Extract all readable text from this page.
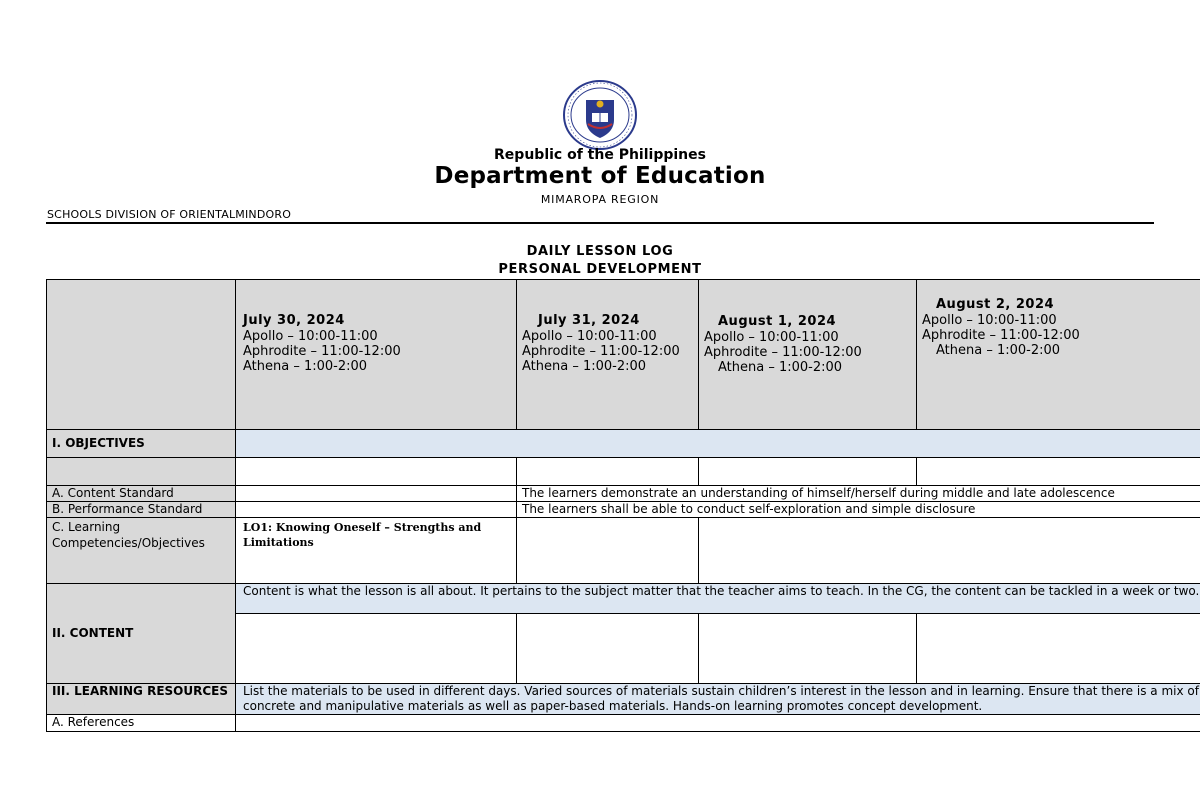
Republic of the Philippines
Department of Education
MIMAROPA REGION
SCHOOLS DIVISION OF ORIENTALMINDORO
DAILY LESSON LOG
PERSONAL DEVELOPMENT

	July 30, 2024
Apollo – 10:00-11:00
Aphrodite – 11:00-12:00
Athena – 1:00-2:00	July 31, 2024
Apollo – 10:00-11:00
Aphrodite – 11:00-12:00
Athena – 1:00-2:00	August 1, 2024
Apollo – 10:00-11:00
Aphrodite – 11:00-12:00
Athena – 1:00-2:00	August 2, 2024
Apollo – 10:00-11:00
Aphrodite – 11:00-12:00
Athena – 1:00-2:00

I. OBJECTIVES				

A. Content Standard		The learners demonstrate an understanding of himself/herself during middle and late adolescence		
B. Performance Standard		The learners shall be able to conduct self-exploration and simple disclosure		
C. Learning Competencies/Objectives	LO1: Knowing Oneself – Strengths and Limitations			
II. CONTENT	Content is what the lesson is all about. It pertains to the subject matter that the teacher aims to teach. In the CG, the content can be tackled in a week or two.			

III. LEARNING RESOURCES	List the materials to be used in different days. Varied sources of materials sustain children’s interest in the lesson and in learning. Ensure that there is a mix of concrete and manipulative materials as well as paper-based materials. Hands-on learning promotes concept development.			
A. References				
